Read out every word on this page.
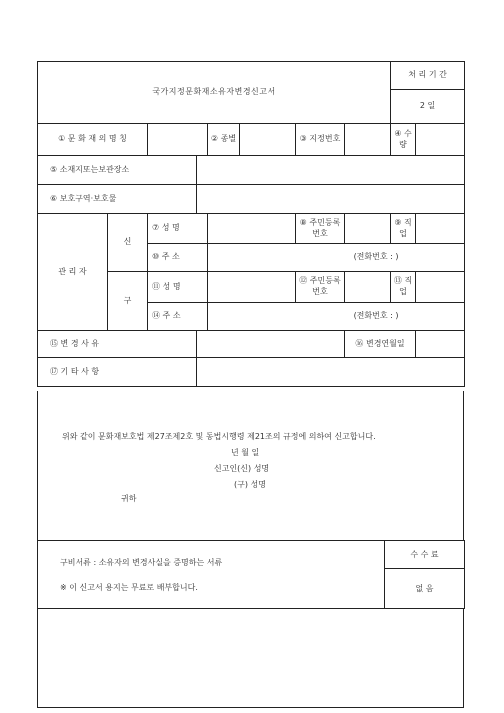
국가지정문화재소유자변경신고서								처 리 기 간	
								2 일	
① 문 화 재 의 명 칭				② 종별		③ 지정번호		④ 수량	
⑤ 소재지또는보관장소									
⑥ 보호구역·보호물									
관 리 자	신	⑦ 성 명				⑧ 주민등록번호		⑨ 직업	
		⑩ 주 소		(전화번호 : )					
	구	⑪ 성 명				⑫ 주민등록번호		⑬ 직업	
		⑭ 주 소		(전화번호 : )					
⑮ 변 경 사 유							⑯ 변경연월일		
⑰ 기 타 사 항									
위와 같이 문화재보호법 제27조제2호 및 동법시행령 제21조의 규정에 의하여 신고합니다.
년 월 일
신고인(신) 성명
(구) 성명
귀하
구비서류 : 소유자의 변경사실을 증명하는 서류
※ 이 신고서 용지는 무료로 배부합니다.
	수 수 료
없 음
